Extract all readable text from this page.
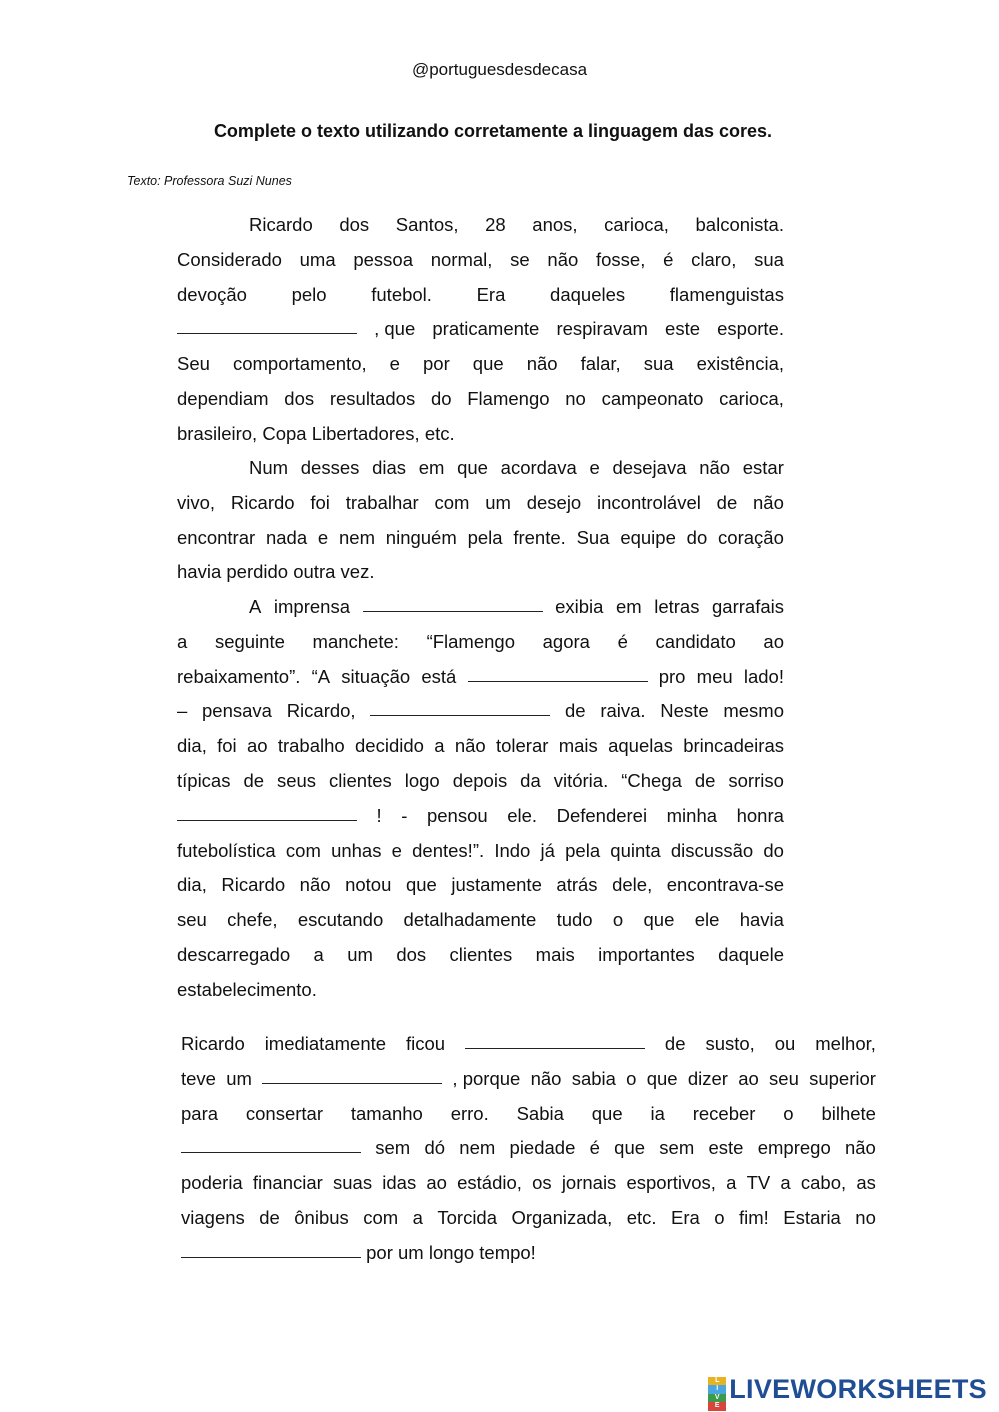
@portuguesdesdecasa
Complete o texto utilizando corretamente a linguagem das cores.
Texto: Professora Suzi Nunes
Ricardo dos Santos, 28 anos, carioca, balconista.
Considerado uma pessoa normal, se não fosse, é claro, sua
devoção pelo futebol. Era daqueles flamenguistas
, que praticamente respiravam este esporte.
Seu comportamento, e por que não falar, sua existência,
dependiam dos resultados do Flamengo no campeonato carioca,
brasileiro, Copa Libertadores, etc.
Num desses dias em que acordava e desejava não estar
vivo, Ricardo foi trabalhar com um desejo incontrolável de não
encontrar nada e nem ninguém pela frente. Sua equipe do coração
havia perdido outra vez.
A imprensa	exibia em letras garrafais
a seguinte manchete: “Flamengo agora é candidato ao
rebaixamento”. “A situação está	pro meu lado!
– pensava Ricardo,	de raiva. Neste mesmo
dia, foi ao trabalho decidido a não tolerar mais aquelas brincadeiras
típicas de seus clientes logo depois da vitória. “Chega de sorriso
! - pensou ele. Defenderei minha honra
futebolística com unhas e dentes!”. Indo já pela quinta discussão do
dia, Ricardo não notou que justamente atrás dele, encontrava-se
seu chefe, escutando detalhadamente tudo o que ele havia
descarregado a um dos clientes mais importantes daquele
estabelecimento.
Ricardo imediatamente ficou	de susto, ou melhor,
teve um	, porque não sabia o que dizer ao seu superior
para consertar tamanho erro. Sabia que ia receber o bilhete
sem dó nem piedade é que sem este emprego não
poderia financiar suas idas ao estádio, os jornais esportivos, a TV a cabo, as
viagens de ônibus com a Torcida Organizada, etc. Era o fim! Estaria no

por um longo tempo!
L
I
V
E
LIVEWORKSHEETS
